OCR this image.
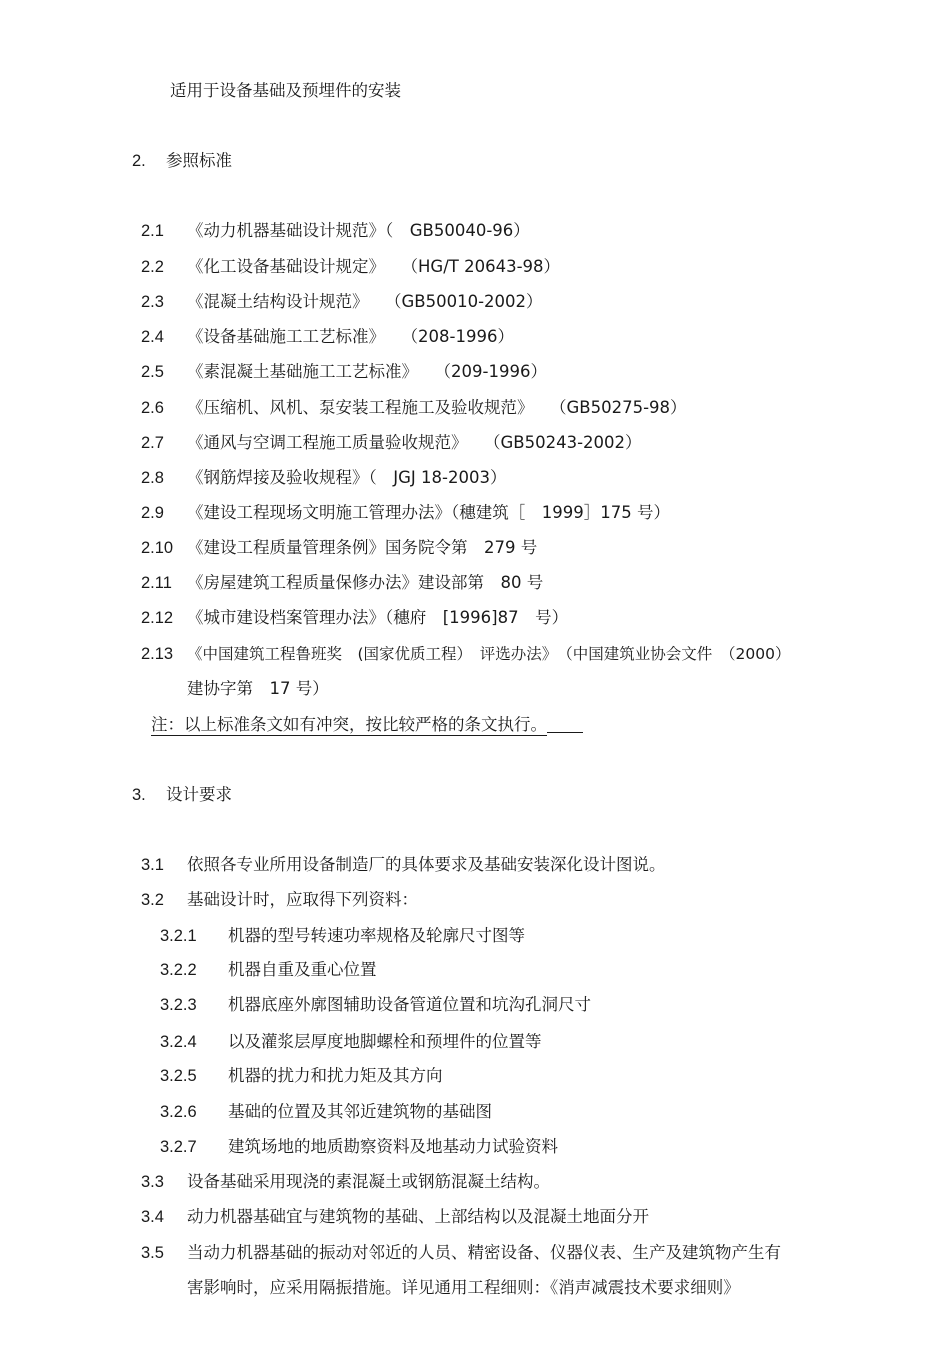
适用于设备基础及预埋件的安装
2. 参照标准
2.1 《动力机器基础设计规范》（　GB50040-96）
2.2 《化工设备基础设计规定》　　（HG/T 20643-98）
2.3 《混凝土结构设计规范》　　（GB50010-2002）
2.4 《设备基础施工工艺标准》　　（208-1996）
2.5 《素混凝土基础施工工艺标准》　　（209-1996）
2.6 《压缩机、风机、泵安装工程施工及验收规范》　　（GB50275-98）
2.7 《通风与空调工程施工质量验收规范》　　（GB50243-2002）
2.8 《钢筋焊接及验收规程》（　JGJ 18-2003）
2.9 《建设工程现场文明施工管理办法》（穗建筑［　1999］175 号）
2.10 《建设工程质量管理条例》国务院令第　279 号
2.11 《房屋建筑工程质量保修办法》建设部第　80 号
2.12 《城市建设档案管理办法》（穗府　[1996]87　号）
2.13 《中国建筑工程鲁班奖　(国家优质工程）　评选办法》　（中国建筑业协会文件　（2000）
建协字第　17 号）
注：以上标准条文如有冲突，按比较严格的条文执行。
3. 设计要求
3.1 依照各专业所用设备制造厂的具体要求及基础安装深化设计图说。
3.2 基础设计时，应取得下列资料：
3.2.1 机器的型号转速功率规格及轮廓尺寸图等
3.2.2 机器自重及重心位置
3.2.3 机器底座外廓图辅助设备管道位置和坑沟孔洞尺寸
3.2.4 以及灌浆层厚度地脚螺栓和预埋件的位置等
3.2.5 机器的扰力和扰力矩及其方向
3.2.6 基础的位置及其邻近建筑物的基础图
3.2.7 建筑场地的地质勘察资料及地基动力试验资料
3.3 设备基础采用现浇的素混凝土或钢筋混凝土结构。
3.4 动力机器基础宜与建筑物的基础、上部结构以及混凝土地面分开
3.5 当动力机器基础的振动对邻近的人员、精密设备、仪器仪表、生产及建筑物产生有
害影响时，应采用隔振措施。详见通用工程细则：《消声减震技术要求细则》
